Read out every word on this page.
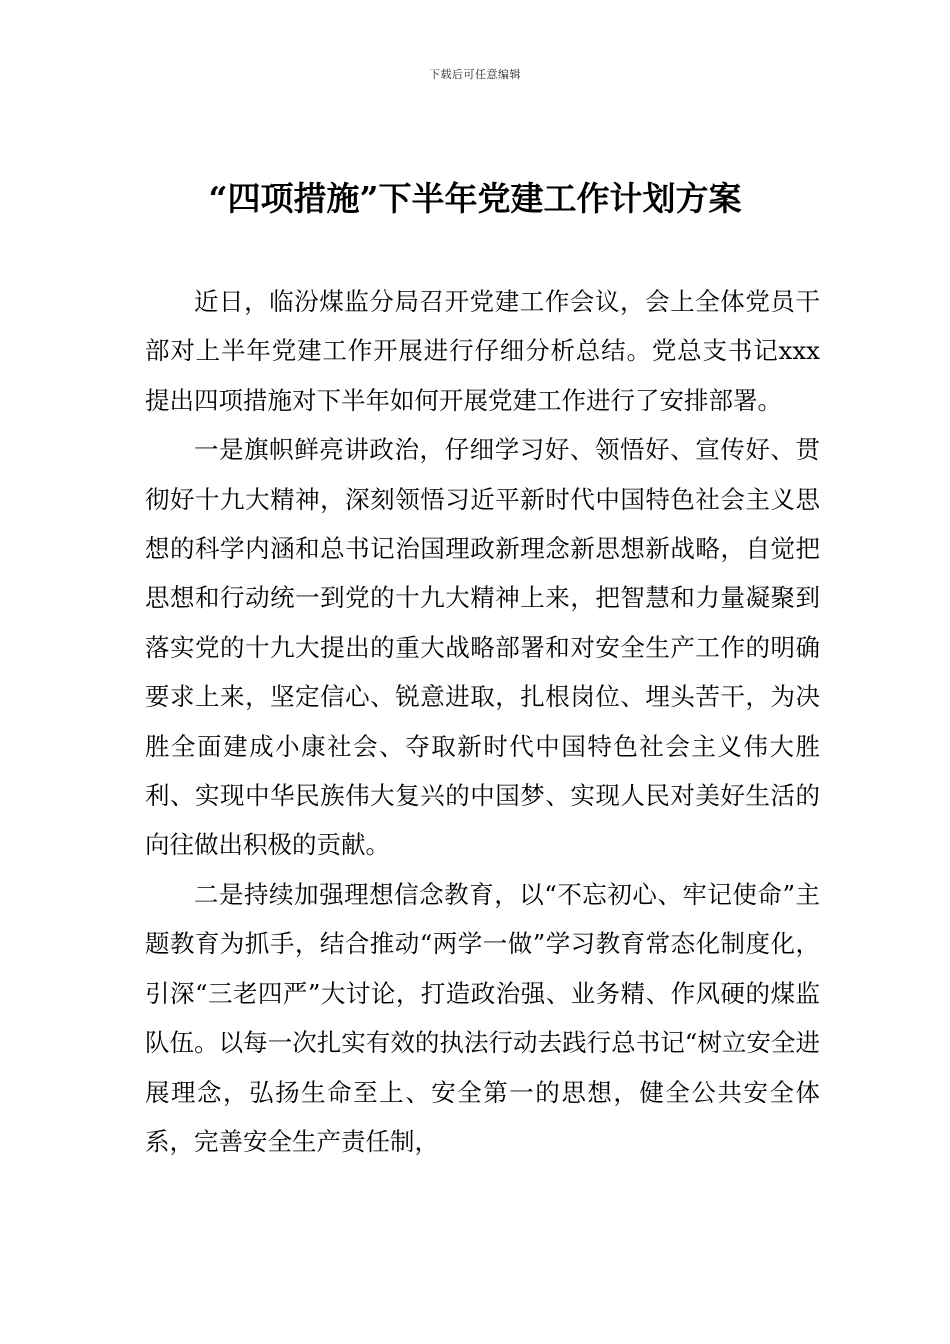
下载后可任意编辑
“四项措施”下半年党建工作计划方案

近日，临汾煤监分局召开党建工作会议，会上全体党员干部对上半年党建工作开展进行仔细分析总结。党总支书记xxx提出四项措施对下半年如何开展党建工作进行了安排部署。

一是旗帜鲜亮讲政治，仔细学习好、领悟好、宣传好、贯彻好十九大精神，深刻领悟习近平新时代中国特色社会主义思想的科学内涵和总书记治国理政新理念新思想新战略，自觉把思想和行动统一到党的十九大精神上来，把智慧和力量凝聚到落实党的十九大提出的重大战略部署和对安全生产工作的明确要求上来，坚定信心、锐意进取，扎根岗位、埋头苦干，为决胜全面建成小康社会、夺取新时代中国特色社会主义伟大胜利、实现中华民族伟大复兴的中国梦、实现人民对美好生活的向往做出积极的贡献。

二是持续加强理想信念教育，以“不忘初心、牢记使命”主题教育为抓手，结合推动“两学一做”学习教育常态化制度化，引深“三老四严”大讨论，打造政治强、业务精、作风硬的煤监队伍。以每一次扎实有效的执法行动去践行总书记“树立安全进展理念，弘扬生命至上、安全第一的思想，健全公共安全体系，完善安全生产责任制，
